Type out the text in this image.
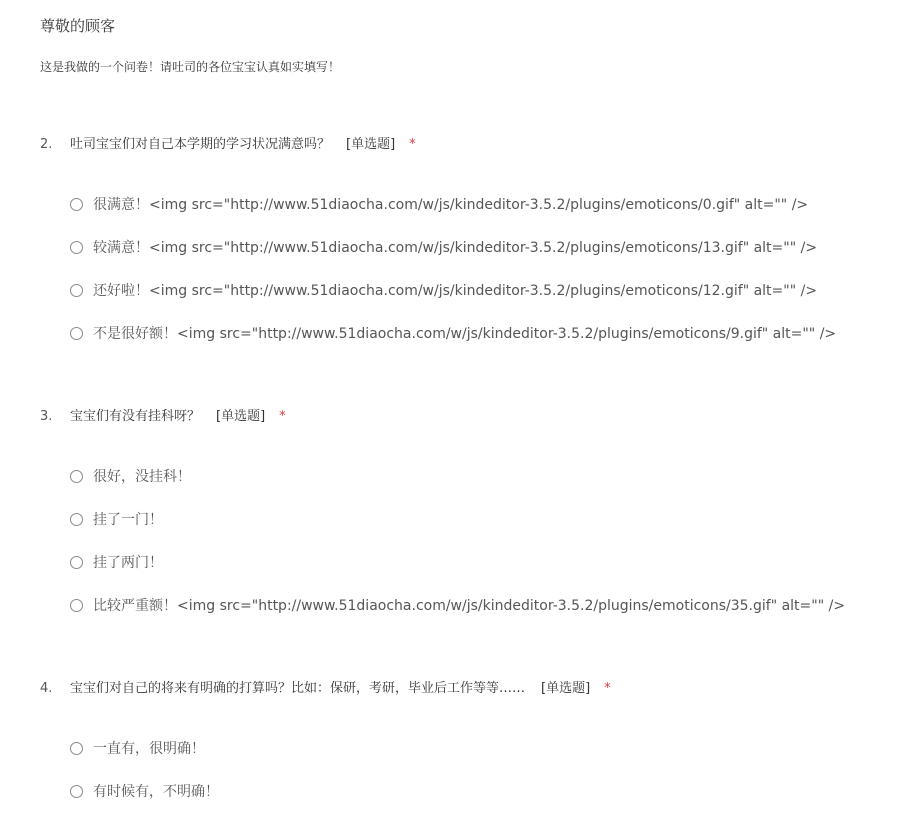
尊敬的顾客
这是我做的一个问卷！请吐司的各位宝宝认真如实填写！
2. 吐司宝宝们对自己本学期的学习状况满意吗？ [单选题] *
很满意！<img src="http://www.51diaocha.com/w/js/kindeditor-3.5.2/plugins/emoticons/0.gif" alt="" />
较满意！<img src="http://www.51diaocha.com/w/js/kindeditor-3.5.2/plugins/emoticons/13.gif" alt="" />
还好啦！<img src="http://www.51diaocha.com/w/js/kindeditor-3.5.2/plugins/emoticons/12.gif" alt="" />
不是很好额！<img src="http://www.51diaocha.com/w/js/kindeditor-3.5.2/plugins/emoticons/9.gif" alt="" />
3. 宝宝们有没有挂科呀？ [单选题] *
很好，没挂科！
挂了一门！
挂了两门！
比较严重额！<img src="http://www.51diaocha.com/w/js/kindeditor-3.5.2/plugins/emoticons/35.gif" alt="" />
4. 宝宝们对自己的将来有明确的打算吗？比如：保研，考研，毕业后工作等等…… [单选题] *
一直有，很明确！
有时候有，不明确！
